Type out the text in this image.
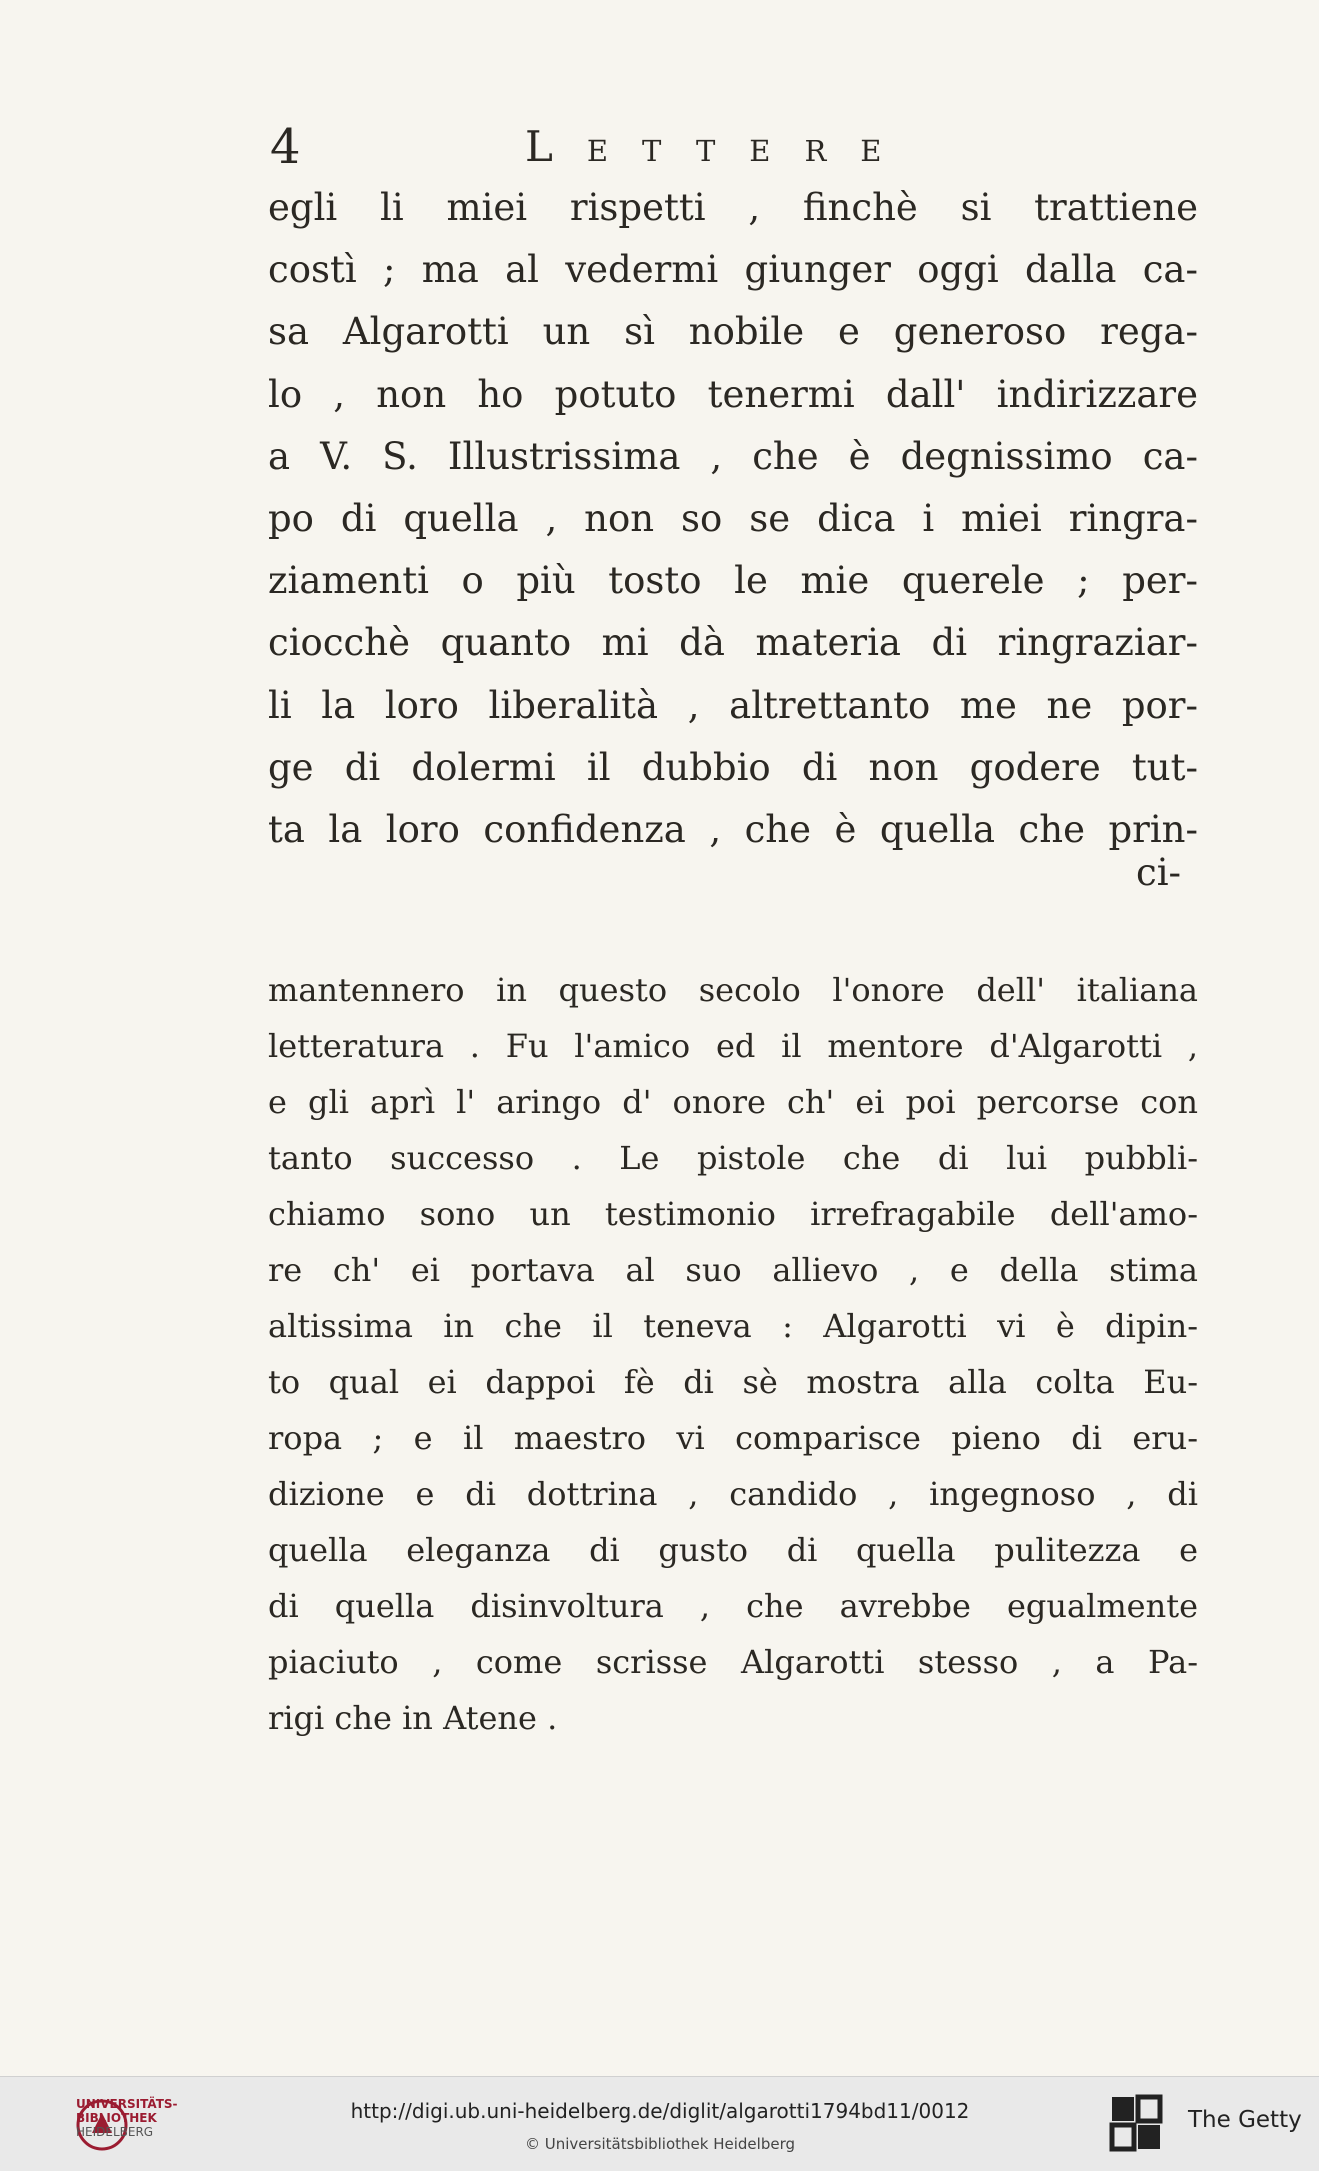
4	Lettere
egli li miei rispetti , finchè si trattiene
costì ; ma al vedermi giunger oggi dalla ca-
sa Algarotti un sì nobile e generoso rega-
lo , non ho potuto tenermi dall' indirizzare
a V. S. Illustrissima , che è degnissimo ca-
po di quella , non so se dica i miei ringra-
ziamenti o più tosto le mie querele ; per-
ciocchè quanto mi dà materia di ringraziar-
li la loro liberalità , altrettanto me ne por-
ge di dolermi il dubbio di non godere tut-
ta la loro confidenza , che è quella che prin-
ci-
mantennero in questo secolo l'onore dell' italiana
letteratura . Fu l'amico ed il mentore d'Algarotti ,
e gli aprì l' aringo d' onore ch' ei poi percorse con
tanto successo . Le pistole che di lui pubbli-
chiamo sono un testimonio irrefragabile dell'amo-
re ch' ei portava al suo allievo , e della stima
altissima in che il teneva : Algarotti vi è dipin-
to qual ei dappoi fè di sè mostra alla colta Eu-
ropa ; e il maestro vi comparisce pieno di eru-
dizione e di dottrina , candido , ingegnoso , di
quella eleganza di gusto di quella pulitezza e
di quella disinvoltura , che avrebbe egualmente
piaciuto , come scrisse Algarotti stesso , a Pa-
rigi che in Atene .
UNIVERSITÄTS-
BIBLIOTHEK
HEIDELBERG
http://digi.ub.uni-heidelberg.de/diglit/algarotti1794bd11/0012
© Universitätsbibliothek Heidelberg
The Getty
